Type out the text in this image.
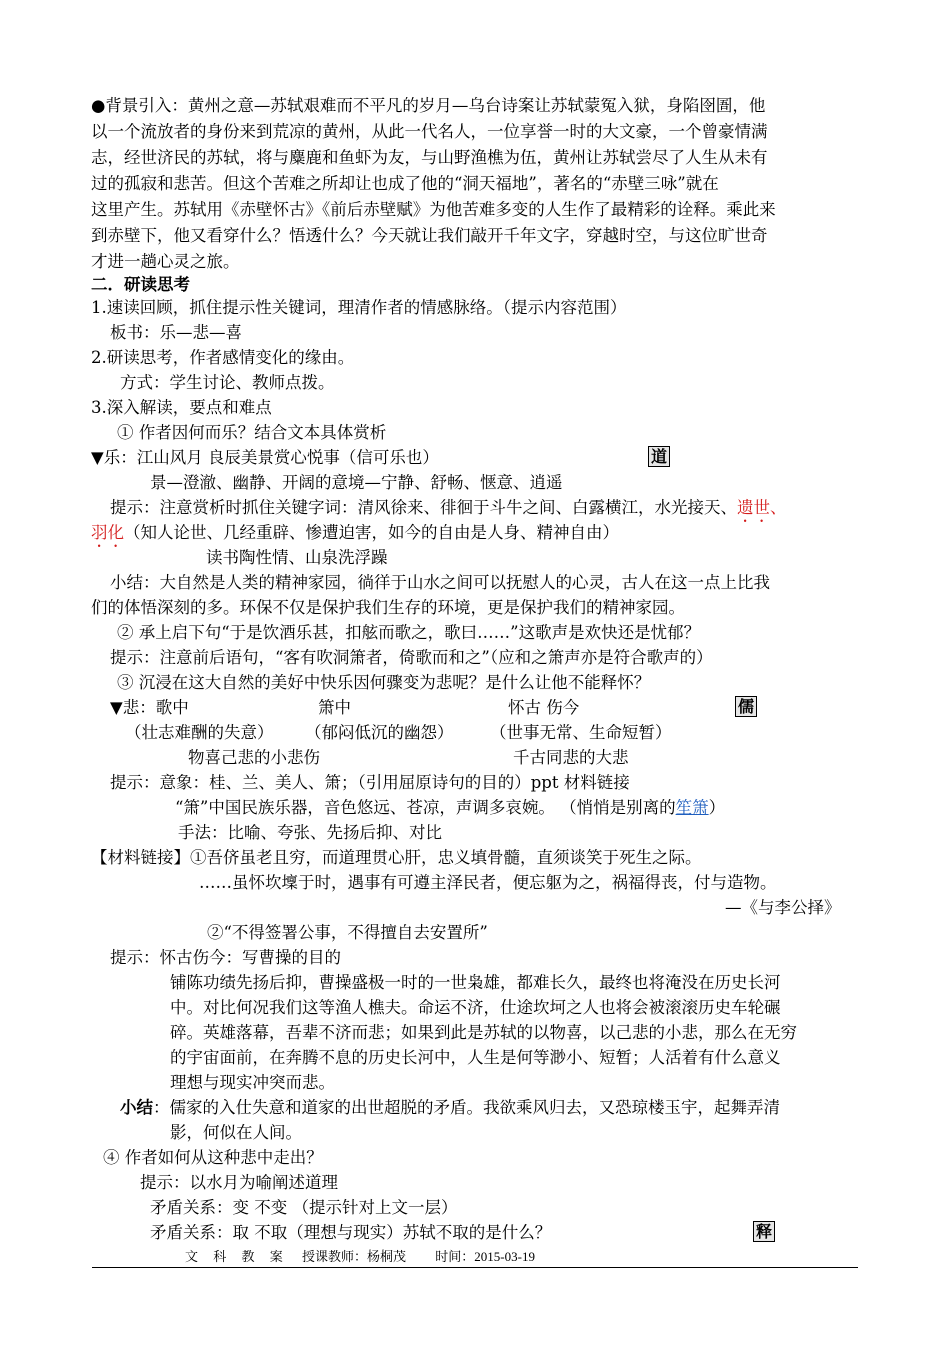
●背景引入：黄州之意—苏轼艰难而不平凡的岁月—乌台诗案让苏轼蒙冤入狱，身陷囹圄，他
以一个流放者的身份来到荒凉的黄州，从此一代名人，一位享誉一时的大文豪，一个曾豪情满
志，经世济民的苏轼，将与麋鹿和鱼虾为友，与山野渔樵为伍，黄州让苏轼尝尽了人生从未有
过的孤寂和悲苦。但这个苦难之所却让也成了他的“洞天福地”，著名的“赤壁三咏”就在
这里产生。苏轼用《赤壁怀古》《前后赤壁赋》为他苦难多变的人生作了最精彩的诠释。乘此来
到赤壁下，他又看穿什么？悟透什么？今天就让我们敲开千年文字，穿越时空，与这位旷世奇
才进一趟心灵之旅。
二．研读思考
1.速读回顾，抓住提示性关键词，理清作者的情感脉络。（提示内容范围）
板书：乐—悲—喜
2.研读思考，作者感情变化的缘由。
方式：学生讨论、教师点拨。
3.深入解读，要点和难点
① 作者因何而乐？结合文本具体赏析
▼乐：江山风月 良辰美景赏心悦事（信可乐也）	道
景—澄澈、幽静、开阔的意境—宁静、舒畅、惬意、逍遥
提示：注意赏析时抓住关键字词：清风徐来、徘徊于斗牛之间、白露横江，水光接天、遗世、
羽化（知人论世、几经重辟、惨遭迫害，如今的自由是人身、精神自由）
读书陶性情、山泉洗浮躁
小结：大自然是人类的精神家园，徜徉于山水之间可以抚慰人的心灵，古人在这一点上比我
们的体悟深刻的多。环保不仅是保护我们生存的环境，更是保护我们的精神家园。
② 承上启下句“于是饮酒乐甚，扣舷而歌之，歌曰……”这歌声是欢快还是忧郁？
提示：注意前后语句，“客有吹洞箫者，倚歌而和之”（应和之箫声亦是符合歌声的）
③ 沉浸在这大自然的美好中快乐因何骤变为悲呢？是什么让他不能释怀？
▼悲：歌中	箫中	怀古 伤今	儒
（壮志难酬的失意） （郁闷低沉的幽怨） （世事无常、生命短暂）
物喜己悲的小悲伤	千古同悲的大悲
提示：意象：桂、兰、美人、箫；（引用屈原诗句的目的）ppt 材料链接
“箫”中国民族乐器，音色悠远、苍凉，声调多哀婉。 （悄悄是别离的笙箫）
手法：比喻、夸张、先扬后抑、对比
【材料链接】①吾侪虽老且穷，而道理贯心肝，忠义填骨髓，直须谈笑于死生之际。
……虽怀坎壈于时，遇事有可遵主泽民者，便忘躯为之，祸福得丧，付与造物。
—《与李公择》
②“不得签署公事，不得擅自去安置所”
提示：怀古伤今：写曹操的目的
铺陈功绩先扬后抑，曹操盛极一时的一世枭雄，都难长久，最终也将淹没在历史长河
中。对比何况我们这等渔人樵夫。命运不济，仕途坎坷之人也将会被滚滚历史车轮碾
碎。英雄落幕，吾辈不济而悲；如果到此是苏轼的以物喜，以己悲的小悲，那么在无穷
的宇宙面前，在奔腾不息的历史长河中，人生是何等渺小、短暂；人活着有什么意义
理想与现实冲突而悲。
小结：儒家的入仕失意和道家的出世超脱的矛盾。我欲乘风归去，又恐琼楼玉宇，起舞弄清
影，何似在人间。
④ 作者如何从这种悲中走出？
提示：以水月为喻阐述道理
矛盾关系：变 不变 （提示针对上文一层）
矛盾关系：取 不取（理想与现实）苏轼不取的是什么？	释
文 科 教 案 授课教师：杨桐茂 时间：2015-03-19
